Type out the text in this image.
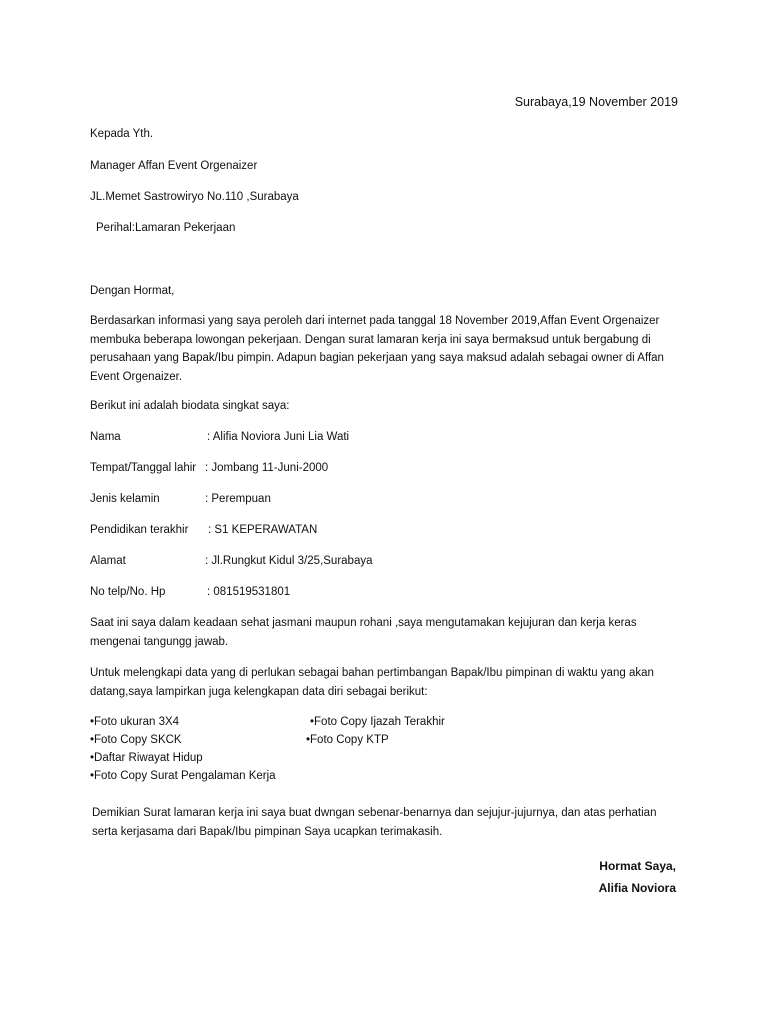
Surabaya,19 November 2019
Kepada Yth.
Manager Affan Event Orgenaizer
JL.Memet Sastrowiryo No.110 ,Surabaya
Perihal:Lamaran Pekerjaan
Dengan Hormat,
Berdasarkan informasi yang saya peroleh dari internet pada tanggal 18 November 2019,Affan Event Orgenaizer membuka beberapa lowongan pekerjaan. Dengan surat lamaran kerja ini saya bermaksud untuk bergabung di perusahaan yang Bapak/Ibu pimpin. Adapun bagian pekerjaan yang saya maksud adalah sebagai owner di Affan Event Orgenaizer.
Berikut ini adalah biodata singkat saya:
Nama	: Alifia Noviora Juni Lia Wati
Tempat/Tanggal lahir : Jombang 11-Juni-2000
Jenis kelamin	: Perempuan
Pendidikan terakhir : S1 KEPERAWATAN
Alamat	: Jl.Rungkut Kidul 3/25,Surabaya
No telp/No. Hp	: 081519531801
Saat ini saya dalam keadaan sehat jasmani maupun rohani ,saya mengutamakan kejujuran dan kerja keras mengenai tangungg jawab.
Untuk melengkapi data yang di perlukan sebagai bahan pertimbangan Bapak/Ibu pimpinan di waktu yang akan datang,saya lampirkan juga kelengkapan data diri sebagai berikut:
•Foto ukuran 3X4
•Foto Copy SKCK
•Daftar Riwayat Hidup
•Foto Copy Surat Pengalaman Kerja
•Foto Copy Ijazah Terakhir
•Foto Copy KTP
Demikian Surat lamaran kerja ini saya buat dwngan sebenar-benarnya dan sejujur-jujurnya, dan atas perhatian serta kerjasama dari Bapak/Ibu pimpinan Saya ucapkan terimakasih.
Hormat Saya,
Alifia Noviora
